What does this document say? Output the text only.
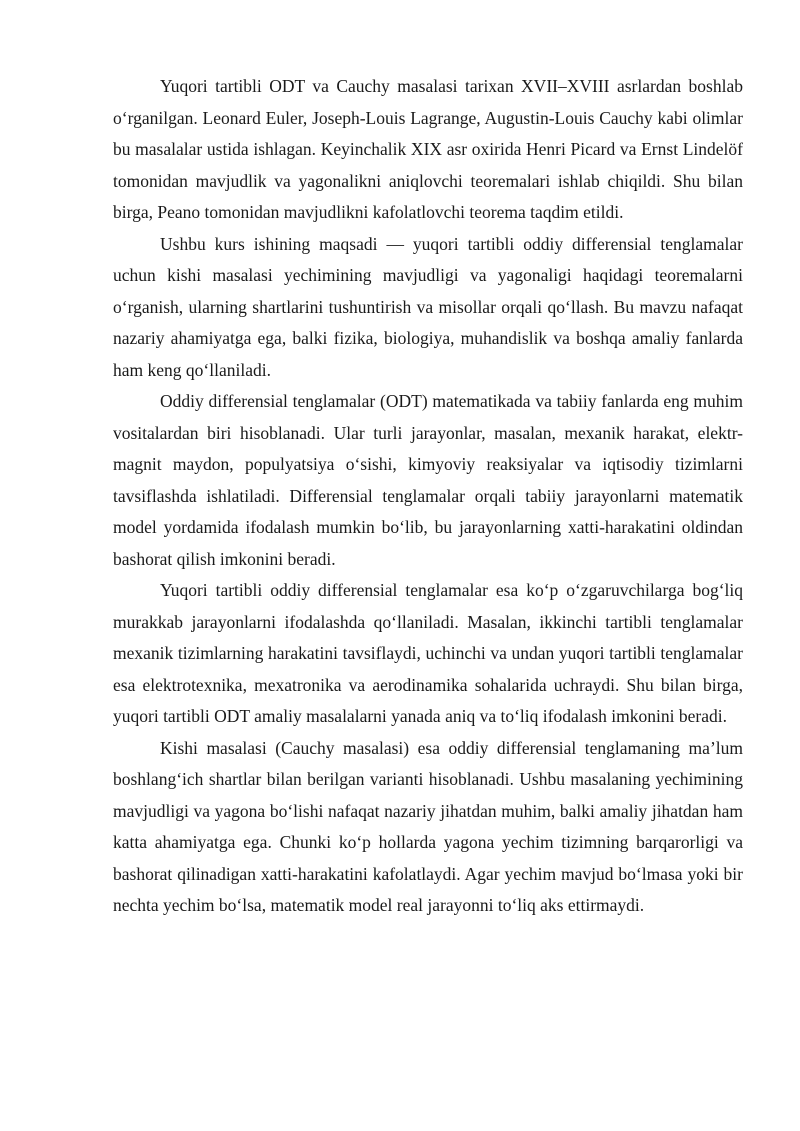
Yuqori tartibli ODT va Cauchy masalasi tarixan XVII–XVIII asrlardan boshlab o‘rganilgan. Leonard Euler, Joseph-Louis Lagrange, Augustin-Louis Cauchy kabi olimlar bu masalalar ustida ishlagan. Keyinchalik XIX asr oxirida Henri Picard va Ernst Lindelöf tomonidan mavjudlik va yagonalikni aniqlovchi teoremalari ishlab chiqildi. Shu bilan birga, Peano tomonidan mavjudlikni kafolatlovchi teorema taqdim etildi.

Ushbu kurs ishining maqsadi — yuqori tartibli oddiy differensial tenglamalar uchun kishi masalasi yechimining mavjudligi va yagonaligi haqidagi teoremalarni o‘rganish, ularning shartlarini tushuntirish va misollar orqali qo‘llash. Bu mavzu nafaqat nazariy ahamiyatga ega, balki fizika, biologiya, muhandislik va boshqa amaliy fanlarda ham keng qo‘llaniladi.

Oddiy differensial tenglamalar (ODT) matematikada va tabiiy fanlarda eng muhim vositalardan biri hisoblanadi. Ular turli jarayonlar, masalan, mexanik harakat, elektr-magnit maydon, populyatsiya o‘sishi, kimyoviy reaksiyalar va iqtisodiy tizimlarni tavsiflashda ishlatiladi. Differensial tenglamalar orqali tabiiy jarayonlarni matematik model yordamida ifodalash mumkin bo‘lib, bu jarayonlarning xatti-harakatini oldindan bashorat qilish imkonini beradi.

Yuqori tartibli oddiy differensial tenglamalar esa ko‘p o‘zgaruvchilarga bog‘liq murakkab jarayonlarni ifodalashda qo‘llaniladi. Masalan, ikkinchi tartibli tenglamalar mexanik tizimlarning harakatini tavsiflaydi, uchinchi va undan yuqori tartibli tenglamalar esa elektrotexnika, mexatronika va aerodinamika sohalarida uchraydi. Shu bilan birga, yuqori tartibli ODT amaliy masalalarni yanada aniq va to‘liq ifodalash imkonini beradi.

Kishi masalasi (Cauchy masalasi) esa oddiy differensial tenglamaning ma’lum boshlang‘ich shartlar bilan berilgan varianti hisoblanadi. Ushbu masalaning yechimining mavjudligi va yagona bo‘lishi nafaqat nazariy jihatdan muhim, balki amaliy jihatdan ham katta ahamiyatga ega. Chunki ko‘p hollarda yagona yechim tizimning barqarorligi va bashorat qilinadigan xatti-harakatini kafolatlaydi. Agar yechim mavjud bo‘lmasa yoki bir nechta yechim bo‘lsa, matematik model real jarayonni to‘liq aks ettirmaydi.
